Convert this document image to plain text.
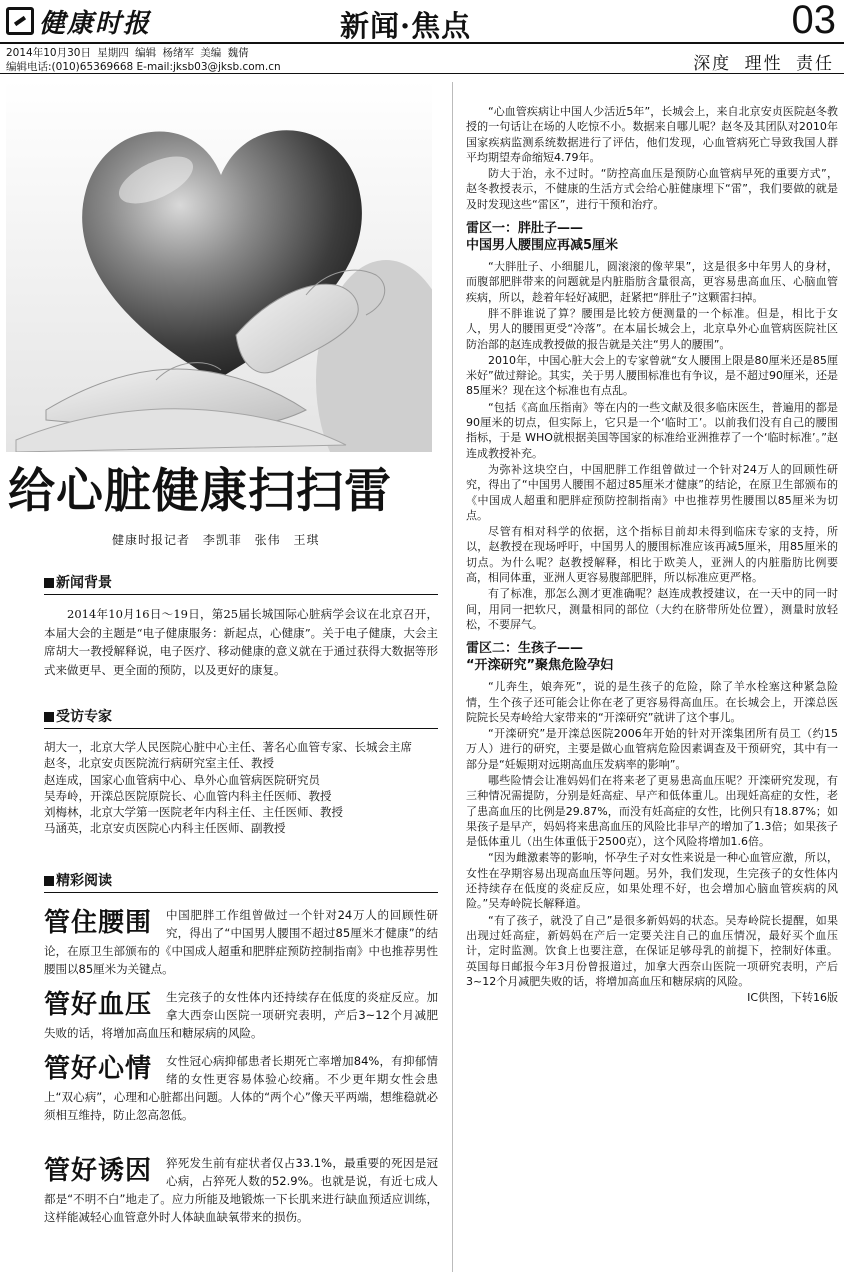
健康时报	新闻·焦点	03
2014年10月30日 星期四 编辑 杨绪军 美编 魏倩
编辑电话:(010)65369668 E-mail:jksb03@jksb.com.cn	深度 理性 责任
给心脏健康扫扫雷
健康时报记者 李凯菲 张伟 王琪
新闻背景

2014年10月16日～19日，第25届长城国际心脏病学会议在北京召开，本届大会的主题是“电子健康服务：新起点，心健康”。关于电子健康，大会主席胡大一教授解释说，电子医疗、移动健康的意义就在于通过获得大数据等形式来做更早、更全面的预防，以及更好的康复。

受访专家
胡大一，北京大学人民医院心脏中心主任、著名心血管专家、长城会主席
赵冬，北京安贞医院流行病研究室主任、教授
赵连成，国家心血管病中心、阜外心血管病医院研究员
吴寿岭，开滦总医院原院长、心血管内科主任医师、教授
刘梅林，北京大学第一医院老年内科主任、主任医师、教授
马涵英，北京安贞医院心内科主任医师、副教授
精彩阅读
管住腰围 中国肥胖工作组曾做过一个针对24万人的回顾性研究，得出了“中国男人腰围不超过85厘米才健康”的结论，在原卫生部颁布的《中国成人超重和肥胖症预防控制指南》中也推荐男性腰围以85厘米为关键点。
管好血压 生完孩子的女性体内还持续存在低度的炎症反应。加拿大西奈山医院一项研究表明，产后3~12个月减肥失败的话，将增加高血压和糖尿病的风险。
管好心情 女性冠心病抑郁患者长期死亡率增加84%，有抑郁情绪的女性更容易体验心绞痛。不少更年期女性会患上“双心病”，心理和心脏都出问题。人体的“两个心”像天平两端，想维稳就必须相互维持，防止忽高忽低。
管好诱因 猝死发生前有症状者仅占33.1%，最重要的死因是冠心病，占猝死人数的52.9%。也就是说，有近七成人都是“不明不白”地走了。应力所能及地锻炼一下长肌来进行缺血预适应训练，这样能减轻心血管意外时人体缺血缺氧带来的损伤。

“心血管疾病让中国人少活近5年”，长城会上，来自北京安贞医院赵冬教授的一句话让在场的人吃惊不小。数据来自哪儿呢？赵冬及其团队对2010年国家疾病监测系统数据进行了评估，他们发现，心血管病死亡导致我国人群平均期望寿命缩短4.79年。

防大于治，永不过时。“防控高血压是预防心血管病早死的重要方式”，赵冬教授表示，不健康的生活方式会给心脏健康埋下“雷”，我们要做的就是及时发现这些“雷区”，进行干预和治疗。

雷区一：胖肚子——
中国男人腰围应再减5厘米

“大胖肚子、小细腿儿，圆滚滚的像苹果”，这是很多中年男人的身材，而腹部肥胖带来的问题就是内脏脂肪含量很高，更容易患高血压、心脑血管疾病，所以，趁着年轻好减肥，赶紧把“胖肚子”这颗雷扫掉。

胖不胖谁说了算？腰围是比较方便测量的一个标准。但是，相比于女人，男人的腰围更受“冷落”。在本届长城会上，北京阜外心血管病医院社区防治部的赵连成教授做的报告就是关注“男人的腰围”。

2010年，中国心脏大会上的专家曾就“女人腰围上限是80厘米还是85厘米好”做过辩论。其实，关于男人腰围标准也有争议，是不超过90厘米，还是85厘米？现在这个标准也有点乱。

“包括《高血压指南》等在内的一些文献及很多临床医生，普遍用的都是90厘米的切点，但实际上，它只是一个‘临时工’。以前我们没有自己的腰围指标，于是 WHO就根据美国等国家的标准给亚洲推荐了一个‘临时标准’。”赵连成教授补充。

为弥补这块空白，中国肥胖工作组曾做过一个针对24万人的回顾性研究，得出了“中国男人腰围不超过85厘米才健康”的结论，在原卫生部颁布的《中国成人超重和肥胖症预防控制指南》中也推荐男性腰围以85厘米为切点。

尽管有相对科学的依据，这个指标目前却未得到临床专家的支持，所以，赵教授在现场呼吁，中国男人的腰围标准应该再减5厘米，用85厘米的切点。为什么呢？赵教授解释，相比于欧美人，亚洲人的内脏脂肪比例要高，相同体重，亚洲人更容易腹部肥胖，所以标准应更严格。

有了标准，那怎么测才更准确呢？赵连成教授建议，在一天中的同一时间，用同一把软尺，测量相同的部位（大约在脐带所处位置），测量时放轻松，不要屏气。

雷区二：生孩子——
“开滦研究”聚焦危险孕妇

“儿奔生，娘奔死”，说的是生孩子的危险，除了羊水栓塞这种紧急险情，生个孩子还可能会让你在老了更容易得高血压。在长城会上，开滦总医院院长吴寿岭给大家带来的“开滦研究”就讲了这个事儿。

“开滦研究”是开滦总医院2006年开始的针对开滦集团所有员工（约15万人）进行的研究，主要是做心血管病危险因素调查及干预研究，其中有一部分是“妊娠期对远期高血压发病率的影响”。

哪些险情会让准妈妈们在将来老了更易患高血压呢？开滦研究发现，有三种情况需提防，分别是妊高症、早产和低体重儿。出现妊高症的女性，老了患高血压的比例是29.87%，而没有妊高症的女性，比例只有18.87%；如果孩子是早产，妈妈将来患高血压的风险比非早产的增加了1.3倍；如果孩子是低体重儿（出生体重低于2500克），这个风险将增加1.6倍。

“因为雌激素等的影响，怀孕生子对女性来说是一种心血管应激，所以，女性在孕期容易出现高血压等问题。另外，我们发现，生完孩子的女性体内还持续存在低度的炎症反应，如果处理不好，也会增加心脑血管疾病的风险。”吴寿岭院长解释道。

“有了孩子，就没了自己”是很多新妈妈的状态。吴寿岭院长提醒，如果出现过妊高症，新妈妈在产后一定要关注自己的血压情况，最好买个血压计，定时监测。饮食上也要注意，在保证足够母乳的前提下，控制好体重。英国每日邮报今年3月份曾报道过，加拿大西奈山医院一项研究表明，产后3~12个月减肥失败的话，将增加高血压和糖尿病的风险。

IC供图，下转16版
